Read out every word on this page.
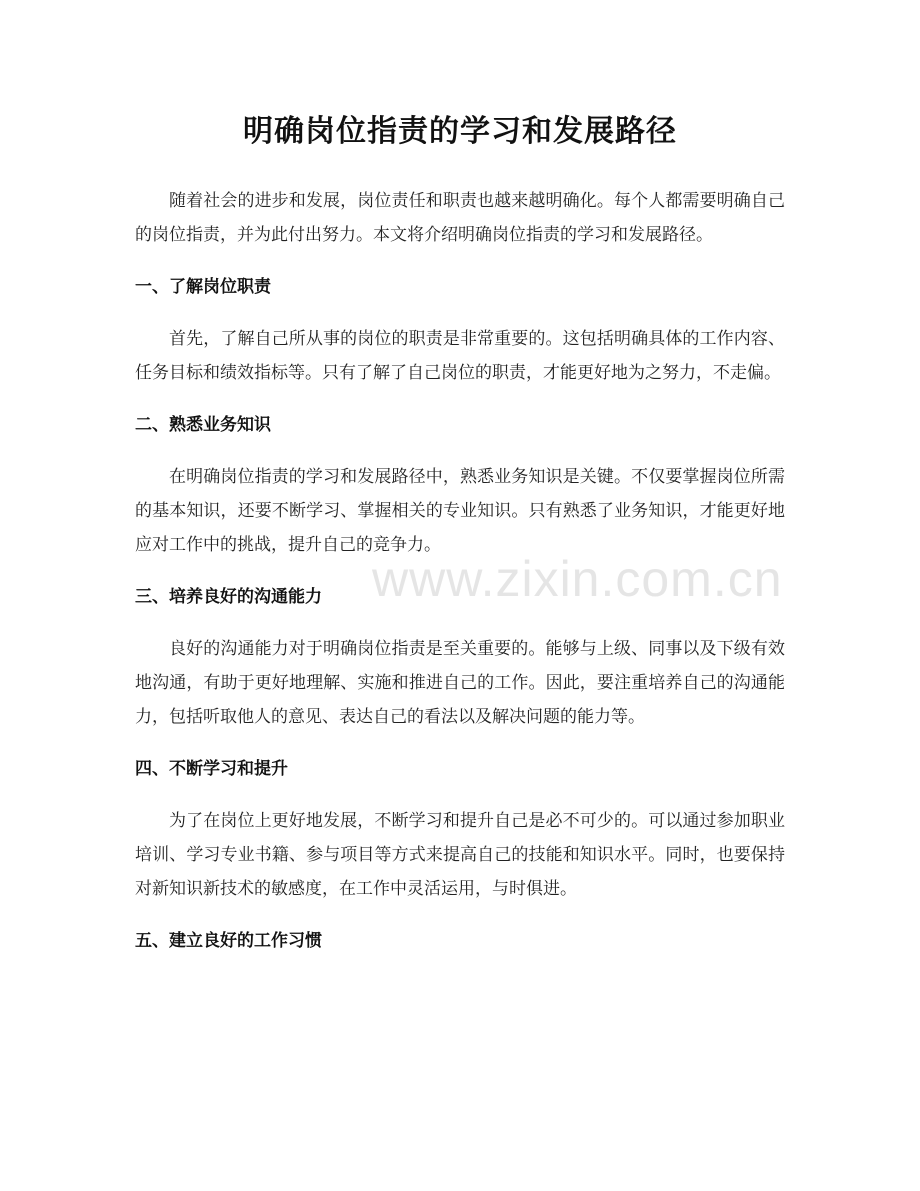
明确岗位指责的学习和发展路径

随着社会的进步和发展，岗位责任和职责也越来越明确化。每个人都需要明确自己的岗位指责，并为此付出努力。本文将介绍明确岗位指责的学习和发展路径。

一、了解岗位职责

首先，了解自己所从事的岗位的职责是非常重要的。这包括明确具体的工作内容、任务目标和绩效指标等。只有了解了自己岗位的职责，才能更好地为之努力，不走偏。

二、熟悉业务知识

在明确岗位指责的学习和发展路径中，熟悉业务知识是关键。不仅要掌握岗位所需的基本知识，还要不断学习、掌握相关的专业知识。只有熟悉了业务知识，才能更好地应对工作中的挑战，提升自己的竞争力。

三、培养良好的沟通能力

良好的沟通能力对于明确岗位指责是至关重要的。能够与上级、同事以及下级有效地沟通，有助于更好地理解、实施和推进自己的工作。因此，要注重培养自己的沟通能力，包括听取他人的意见、表达自己的看法以及解决问题的能力等。

四、不断学习和提升

为了在岗位上更好地发展，不断学习和提升自己是必不可少的。可以通过参加职业培训、学习专业书籍、参与项目等方式来提高自己的技能和知识水平。同时，也要保持对新知识新技术的敏感度，在工作中灵活运用，与时俱进。

五、建立良好的工作习惯
www.zixin.com.cn
